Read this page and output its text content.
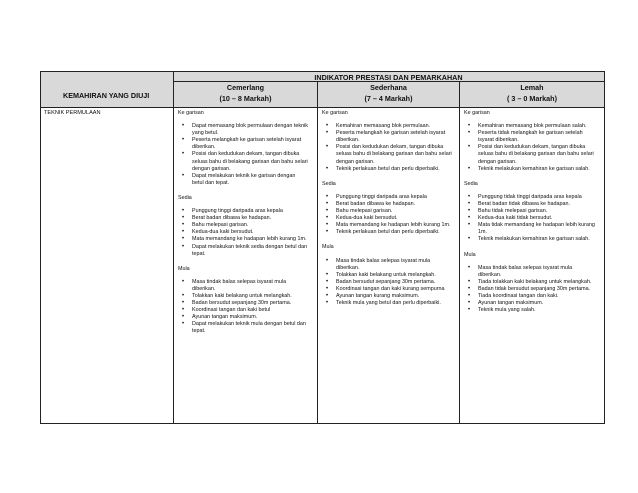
KEMAHIRAN YANG DIUJI
INDIKATOR PRESTASI DAN PEMARKAHAN
Cemerlang
(10 – 8 Markah)
Sederhana
(7 – 4 Markah)
Lemah
( 3 – 0 Markah)
TEKNIK PERMULAAN	Ke garisan
• Dapat memasang blok permulaan dengan teknik yang betul.
• Peserta melangkah ke garisan setelah isyarat diberikan.
• Posisi dan kedudukan dekam, tangan dibuka seluas bahu di belakang garisan dan bahu selari dengan garisan.
• Dapat melakukan teknik ke garisan dengan betul dan tepat.
Sedia
• Punggung tinggi daripada aras kepala
• Berat badan dibawa ke hadapan.
• Bahu melepasi garisan.
• Kedua-dua kaki bersudut.
• Mata memandang ke hadapan lebih kurang 1m.
• Dapat melakukan teknik sedia dengan betul dan tepat.
Mula
• Masa tindak balas selepas isyarat mula diberikan.
• Tolakkan kaki belakang untuk melangkah.
• Badan bersudut sepanjang 30m pertama.
• Koordinasi tangan dan kaki betul
• Ayunan tangan maksimum.
• Dapat melakukan teknik mula dengan betul dan tepat.
Ke garisan
• Kemahiran memasang blok permulaan.
• Peserta melangkah ke garisan setelah isyarat diberikan.
• Posisi dan kedudukan dekam, tangan dibuka seluas bahu di belakang garisan dan bahu selari dengan garisan.
• Teknik perlakuan betul dan perlu diperbaiki.
Sedia
• Punggung tinggi daripada aras kepala
• Berat badan dibawa ke hadapan.
• Bahu melepasi garisan.
• Kedua-dua kaki bersudut.
• Mata memandang ke hadapan lebih kurang 1m.
• Teknik perlakuan betul dan perlu diperbaiki.
Mula
• Masa tindak balas selepas isyarat mula diberikan.
• Tolakkan kaki belakang untuk melangkah.
• Badan bersudut sepanjang 30m pertama.
• Koordinasi tangan dan kaki kurang sempurna
• Ayunan tangan kurang maksimum.
• Teknik mula yang betul dan perlu diperbaiki.
Ke garisan
• Kemahiran memasang blok permulaan salah.
• Peserta tidak melangkah ke garisan setelah isyarat diberikan.
• Posisi dan kedudukan dekam, tangan dibuka seluas bahu di belakang garisan dan bahu selari dengan garisan.
• Teknik melakukan kemahiran ke garisan salah.
Sedia
• Punggung tidak tinggi daripada aras kepala
• Berat badan tidak dibawa ke hadapan.
• Bahu tidak melepasi garisan.
• Kedua-dua kaki tidak bersudut.
• Mata tidak memandang ke hadapan lebih kurang 1m.
• Teknik melakukan kemahiran ke garisan salah.
Mula
• Masa tindak balas selepas isyarat mula diberikan.
• Tiada tolakkan kaki belakang untuk melangkah.
• Badan tidak bersudut sepanjang 30m pertama.
• Tiada koordinasi tangan dan kaki.
• Ayunan tangan maksimum.
• Teknik mula yang salah.
